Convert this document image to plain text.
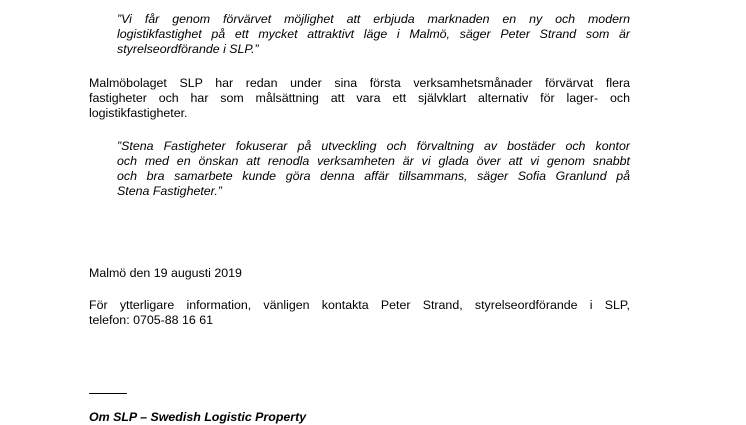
”Vi får genom förvärvet möjlighet att erbjuda marknaden en ny och modern
logistikfastighet på ett mycket attraktivt läge i Malmö, säger Peter Strand som är
styrelseordförande i SLP.”
Malmöbolaget SLP har redan under sina första verksamhetsmånader förvärvat flera
fastigheter och har som målsättning att vara ett självklart alternativ för lager- och
logistikfastigheter.
”Stena Fastigheter fokuserar på utveckling och förvaltning av bostäder och kontor
och med en önskan att renodla verksamheten är vi glada över att vi genom snabbt
och bra samarbete kunde göra denna affär tillsammans, säger Sofia Granlund på
Stena Fastigheter.”
Malmö den 19 augusti 2019
För ytterligare information, vänligen kontakta Peter Strand, styrelseordförande i SLP,
telefon: 0705-88 16 61

Om SLP – Swedish Logistic Property
